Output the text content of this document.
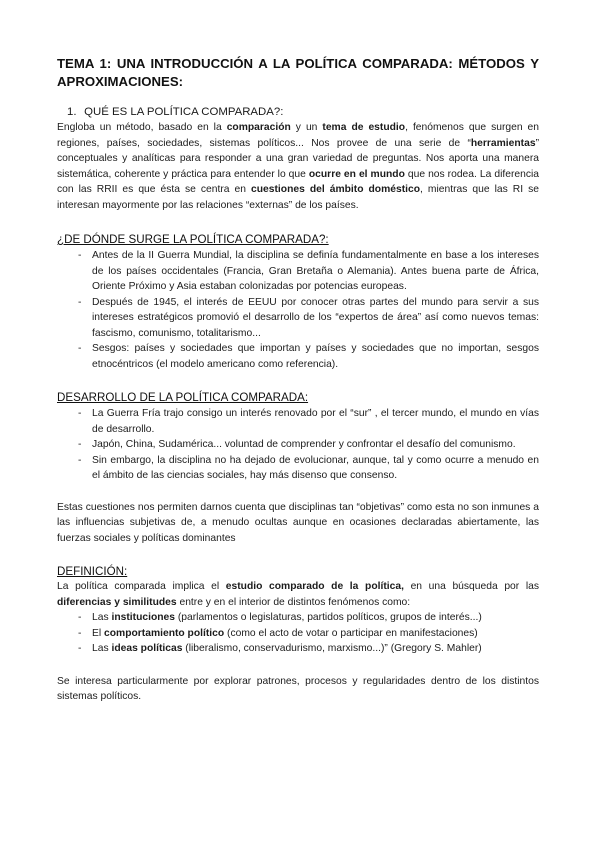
TEMA 1: UNA INTRODUCCIÓN A LA POLÍTICA COMPARADA: MÉTODOS Y APROXIMACIONES:
1. QUÉ ES LA POLÍTICA COMPARADA?:

Engloba un método, basado en la comparación y un tema de estudio, fenómenos que surgen en regiones, países, sociedades, sistemas políticos... Nos provee de una serie de “herramientas” conceptuales y analíticas para responder a una gran variedad de preguntas. Nos aporta una manera sistemática, coherente y práctica para entender lo que ocurre en el mundo que nos rodea. La diferencia con las RRII es que ésta se centra en cuestiones del ámbito doméstico, mientras que las RI se interesan mayormente por las relaciones “externas” de los países.

¿DE DÓNDE SURGE LA POLÍTICA COMPARADA?:
- Antes de la II Guerra Mundial, la disciplina se definía fundamentalmente en base a los intereses de los países occidentales (Francia, Gran Bretaña o Alemania). Antes buena parte de África, Oriente Próximo y Asia estaban colonizadas por potencias europeas.
- Después de 1945, el interés de EEUU por conocer otras partes del mundo para servir a sus intereses estratégicos promovió el desarrollo de los “expertos de área” así como nuevos temas: fascismo, comunismo, totalitarismo...
- Sesgos: países y sociedades que importan y países y sociedades que no importan, sesgos etnocéntricos (el modelo americano como referencia).
DESARROLLO DE LA POLÍTICA COMPARADA:
- La Guerra Fría trajo consigo un interés renovado por el “sur” , el tercer mundo, el mundo en vías de desarrollo.
- Japón, China, Sudamérica... voluntad de comprender y confrontar el desafío del comunismo.
- Sin embargo, la disciplina no ha dejado de evolucionar, aunque, tal y como ocurre a menudo en el ámbito de las ciencias sociales, hay más disenso que consenso.

Estas cuestiones nos permiten darnos cuenta que disciplinas tan “objetivas” como esta no son inmunes a las influencias subjetivas de, a menudo ocultas aunque en ocasiones declaradas abiertamente, las fuerzas sociales y políticas dominantes

DEFINICIÓN:

La política comparada implica el estudio comparado de la política, en una búsqueda por las diferencias y similitudes entre y en el interior de distintos fenómenos como:

- Las instituciones (parlamentos o legislaturas, partidos políticos, grupos de interés...)
- El comportamiento político (como el acto de votar o participar en manifestaciones)
- Las ideas políticas (liberalismo, conservadurismo, marxismo...)” (Gregory S. Mahler)

Se interesa particularmente por explorar patrones, procesos y regularidades dentro de los distintos sistemas políticos.
